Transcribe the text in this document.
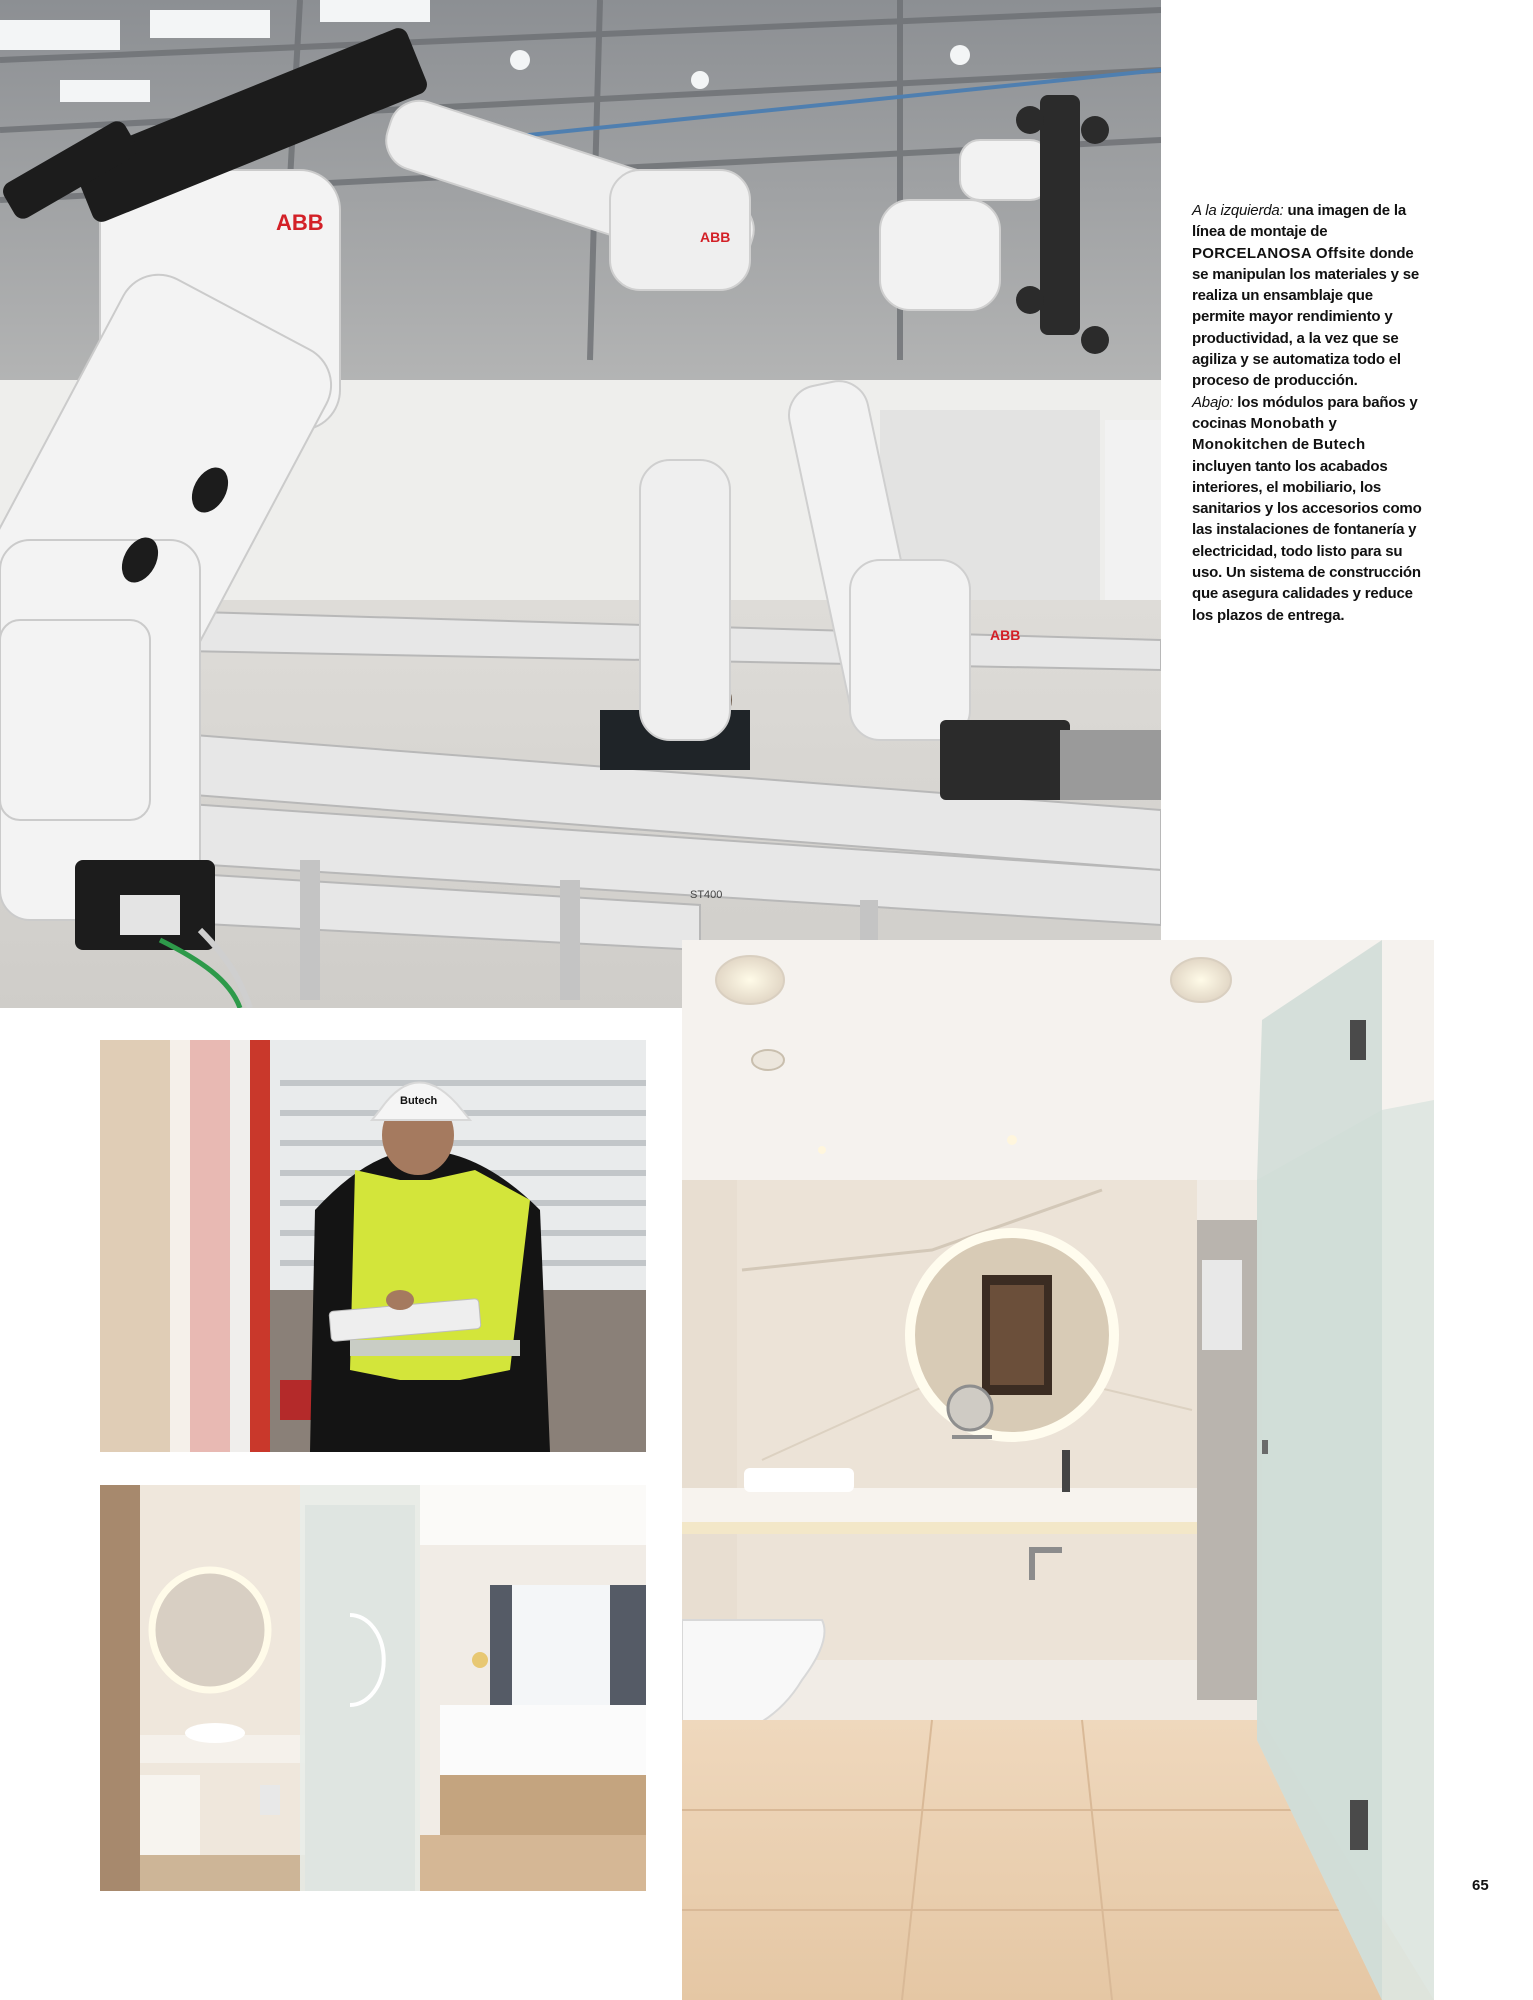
ABB
ABB
ABB
ST400
A la izquierda: una imagen de la línea de montaje de PORCELANOSA Offsite donde se manipulan los materiales y se realiza un ensamblaje que permite mayor rendimiento y productividad, a la vez que se agiliza y se automatiza todo el proceso de producción.
Abajo: los módulos para baños y cocinas Monobath y Monokitchen de Butech incluyen tanto los acabados interiores, el mobiliario, los sanitarios y los accesorios como las instalaciones de fontanería y electricidad, todo listo para su uso. Un sistema de construcción que asegura calidades y reduce los plazos de entrega.
Butech
65
